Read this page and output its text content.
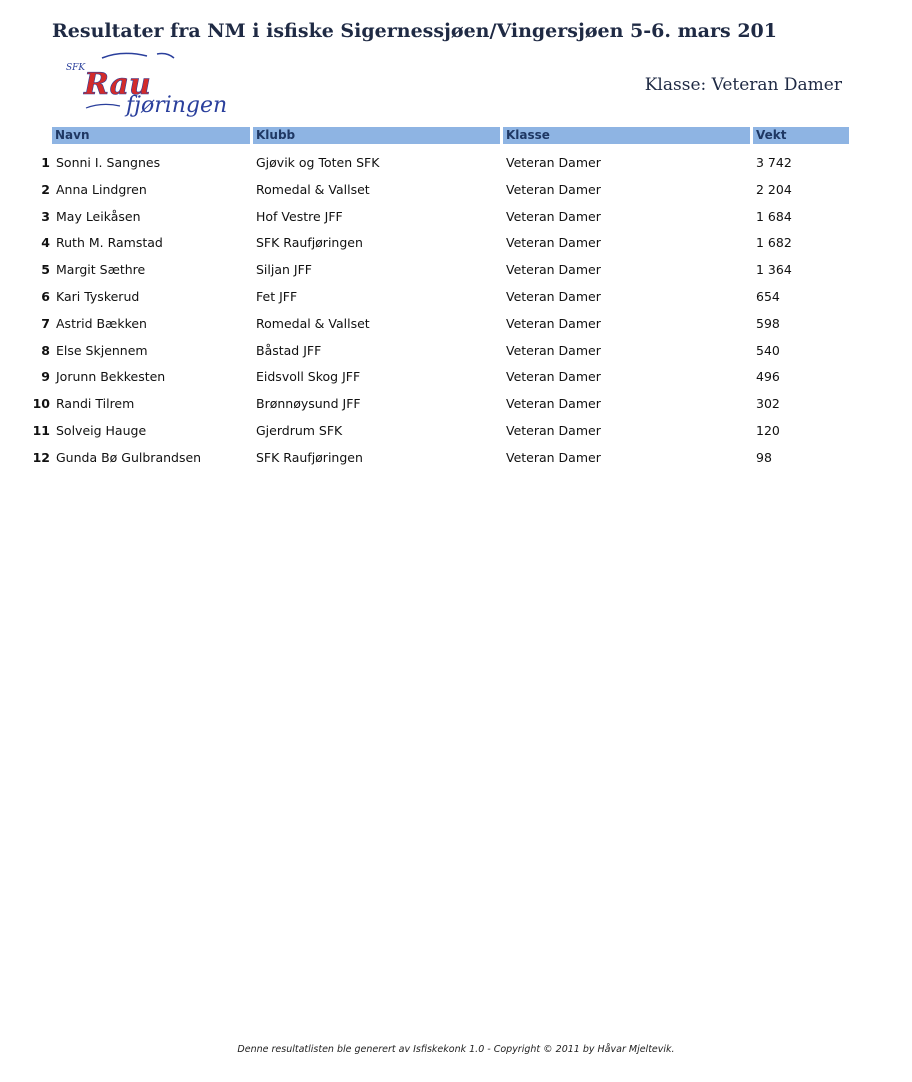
Resultater fra NM i isfiske Sigernessjøen/Vingersjøen 5-6. mars 201
SFK
Rau
fjøringen
Klasse: Veteran Damer
Navn	Klubb	Klasse	Vekt
1 Sonni I. Sangnes	Gjøvik og Toten SFK	Veteran Damer	3 742
2 Anna Lindgren	Romedal & Vallset	Veteran Damer	2 204
3 May Leikåsen	Hof Vestre JFF	Veteran Damer	1 684
4 Ruth M. Ramstad	SFK Raufjøringen	Veteran Damer	1 682
5 Margit Sæthre	Siljan JFF	Veteran Damer	1 364
6 Kari Tyskerud	Fet JFF	Veteran Damer	654
7 Astrid Bækken	Romedal & Vallset	Veteran Damer	598
8 Else Skjennem	Båstad JFF	Veteran Damer	540
9 Jorunn Bekkesten	Eidsvoll Skog JFF	Veteran Damer	496
10 Randi Tilrem	Brønnøysund JFF	Veteran Damer	302
11 Solveig Hauge	Gjerdrum SFK	Veteran Damer	120
12 Gunda Bø Gulbrandsen	SFK Raufjøringen	Veteran Damer	98
Denne resultatlisten ble generert av Isfiskekonk 1.0 - Copyright © 2011 by Håvar Mjeltevik.
